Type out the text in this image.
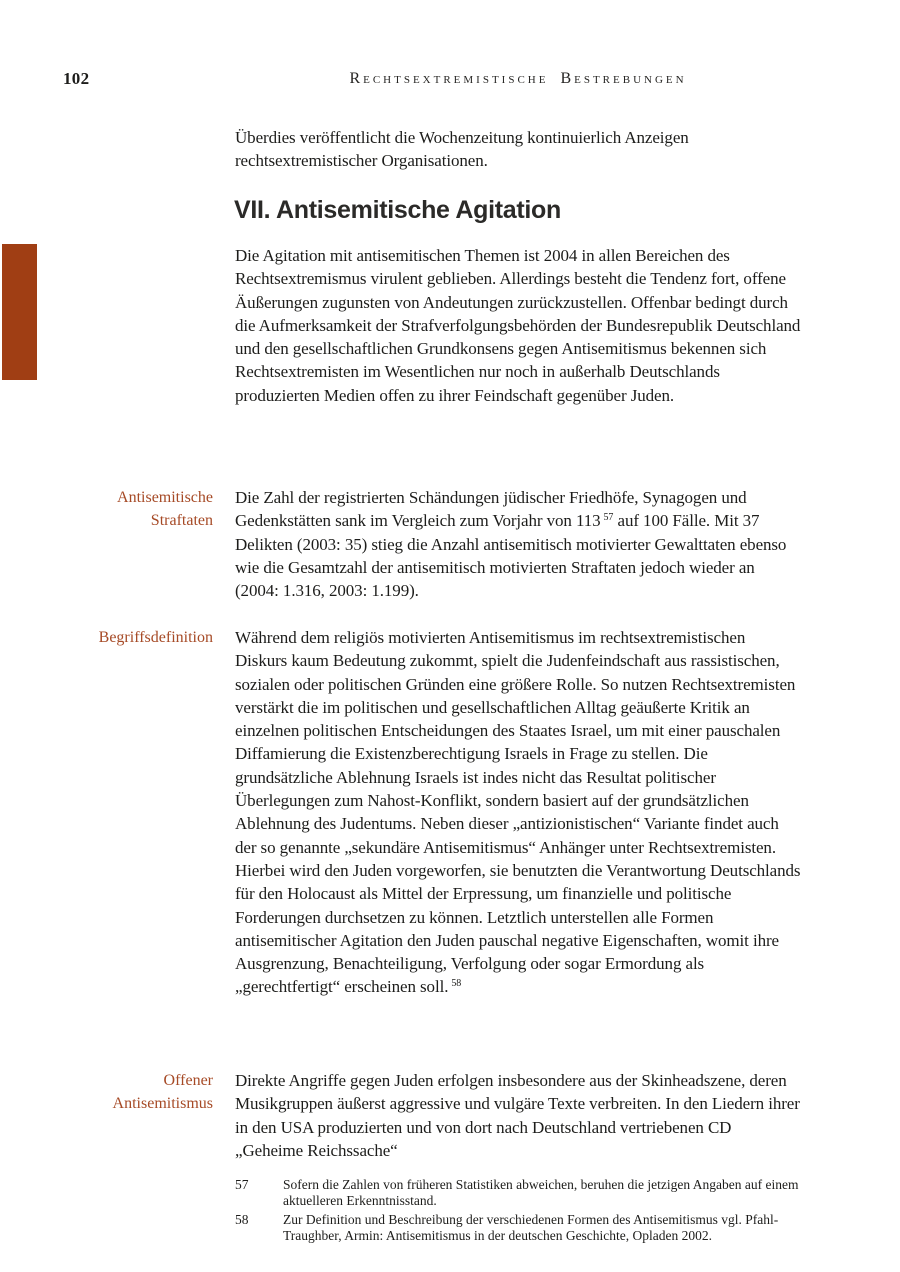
102	Rechtsextremistische Bestrebungen
Überdies veröffentlicht die Wochenzeitung kontinuierlich Anzeigen rechtsextremistischer Organisationen.
VII. Antisemitische Agitation
Die Agitation mit antisemitischen Themen ist 2004 in allen Bereichen des Rechtsextremismus virulent geblieben. Allerdings besteht die Tendenz fort, offene Äußerungen zugunsten von Andeutungen zurückzustellen. Offenbar bedingt durch die Aufmerksamkeit der Strafverfolgungsbehörden der Bundesrepublik Deutschland und den gesellschaftlichen Grundkonsens gegen Antisemitismus bekennen sich Rechtsextremisten im Wesentlichen nur noch in außerhalb Deutschlands produzierten Medien offen zu ihrer Feindschaft gegenüber Juden.
Antisemitische Straftaten
Die Zahl der registrierten Schändungen jüdischer Friedhöfe, Synagogen und Gedenkstätten sank im Vergleich zum Vorjahr von 113 $^{57}$ auf 100 Fälle. Mit 37 Delikten (2003: 35) stieg die Anzahl antisemitisch motivierter Gewalttaten ebenso wie die Gesamtzahl der antisemitisch motivierten Straftaten jedoch wieder an (2004: 1.316, 2003: 1.199).
Begriffsdefinition Während dem religiös motivierten Antisemitismus im rechtsextremistischen Diskurs kaum Bedeutung zukommt, spielt die Judenfeindschaft aus rassistischen, sozialen oder politischen Gründen eine größere Rolle. So nutzen Rechtsextremisten verstärkt die im politischen und gesellschaftlichen Alltag geäußerte Kritik an einzelnen politischen Entscheidungen des Staates Israel, um mit einer pauschalen Diffamierung die Existenzberechtigung Israels in Frage zu stellen. Die grundsätzliche Ablehnung Israels ist indes nicht das Resultat politischer Überlegungen zum Nahost-Konflikt, sondern basiert auf der grundsätzlichen Ablehnung des Judentums. Neben dieser „antizionistischen“ Variante findet auch der so genannte „sekundäre Antisemitismus“ Anhänger unter Rechtsextremisten. Hierbei wird den Juden vorgeworfen, sie benutzten die Verantwortung Deutschlands für den Holocaust als Mittel der Erpressung, um finanzielle und politische Forderungen durchsetzen zu können. Letztlich unterstellen alle Formen antisemitischer Agitation den Juden pauschal negative Eigenschaften, womit ihre Ausgrenzung, Benachteiligung, Verfolgung oder sogar Ermordung als „gerechtfertigt“ erscheinen soll. $^{58}$
Offener Antisemitismus
Direkte Angriffe gegen Juden erfolgen insbesondere aus der Skinheadszene, deren Musikgruppen äußerst aggressive und vulgäre Texte verbreiten. In den Liedern ihrer in den USA produzierten und von dort nach Deutschland vertriebenen CD „Geheime Reichssache“
57	Sofern die Zahlen von früheren Statistiken abweichen, beruhen die jetzigen Angaben auf einem aktuelleren Erkenntnisstand.
58	Zur Definition und Beschreibung der verschiedenen Formen des Antisemitismus vgl. Pfahl-Traughber, Armin: Antisemitismus in der deutschen Geschichte, Opladen 2002.
